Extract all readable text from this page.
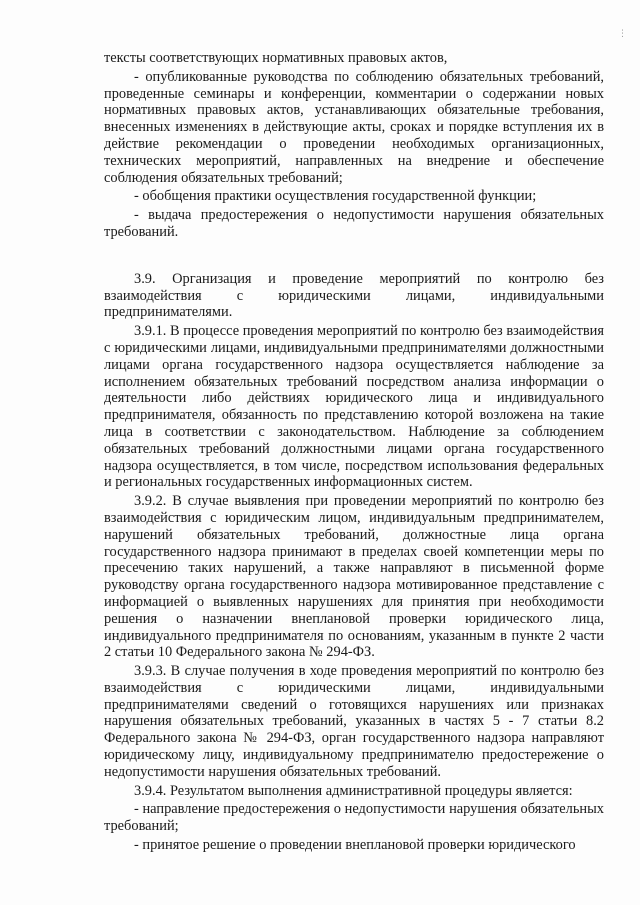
⋮

тексты соответствующих нормативных правовых актов,

- опубликованные руководства по соблюдению обязательных требований, проведенные семинары и конференции, комментарии о содержании новых нормативных правовых актов, устанавливающих обязательные требования, внесенных изменениях в действующие акты, сроках и порядке вступления их в действие рекомендации о проведении необходимых организационных, технических мероприятий, направленных на внедрение и обеспечение соблюдения обязательных требований;

- обобщения практики осуществления государственной функции;

- выдача предостережения о недопустимости нарушения обязательных требований.

3.9. Организация и проведение мероприятий по контролю без взаимодействия с юридическими лицами, индивидуальными предпринимателями.

3.9.1. В процессе проведения мероприятий по контролю без взаимодействия с юридическими лицами, индивидуальными предпринимателями должностными лицами органа государственного надзора осуществляется наблюдение за исполнением обязательных требований посредством анализа информации о деятельности либо действиях юридического лица и индивидуального предпринимателя, обязанность по представлению которой возложена на такие лица в соответствии с законодательством. Наблюдение за соблюдением обязательных требований должностными лицами органа государственного надзора осуществляется, в том числе, посредством использования федеральных и региональных государственных информационных систем.

3.9.2. В случае выявления при проведении мероприятий по контролю без взаимодействия с юридическим лицом, индивидуальным предпринимателем, нарушений обязательных требований, должностные лица органа государственного надзора принимают в пределах своей компетенции меры по пресечению таких нарушений, а также направляют в письменной форме руководству органа государственного надзора мотивированное представление с информацией о выявленных нарушениях для принятия при необходимости решения о назначении внеплановой проверки юридического лица, индивидуального предпринимателя по основаниям, указанным в пункте 2 части 2 статьи 10 Федерального закона № 294-ФЗ.

3.9.3. В случае получения в ходе проведения мероприятий по контролю без взаимодействия с юридическими лицами, индивидуальными предпринимателями сведений о готовящихся нарушениях или признаках нарушения обязательных требований, указанных в частях 5 - 7 статьи 8.2 Федерального закона № 294-ФЗ, орган государственного надзора направляют юридическому лицу, индивидуальному предпринимателю предостережение о недопустимости нарушения обязательных требований.

3.9.4. Результатом выполнения административной процедуры является:

- направление предостережения о недопустимости нарушения обязательных требований;

- принятое решение о проведении внеплановой проверки юридического
